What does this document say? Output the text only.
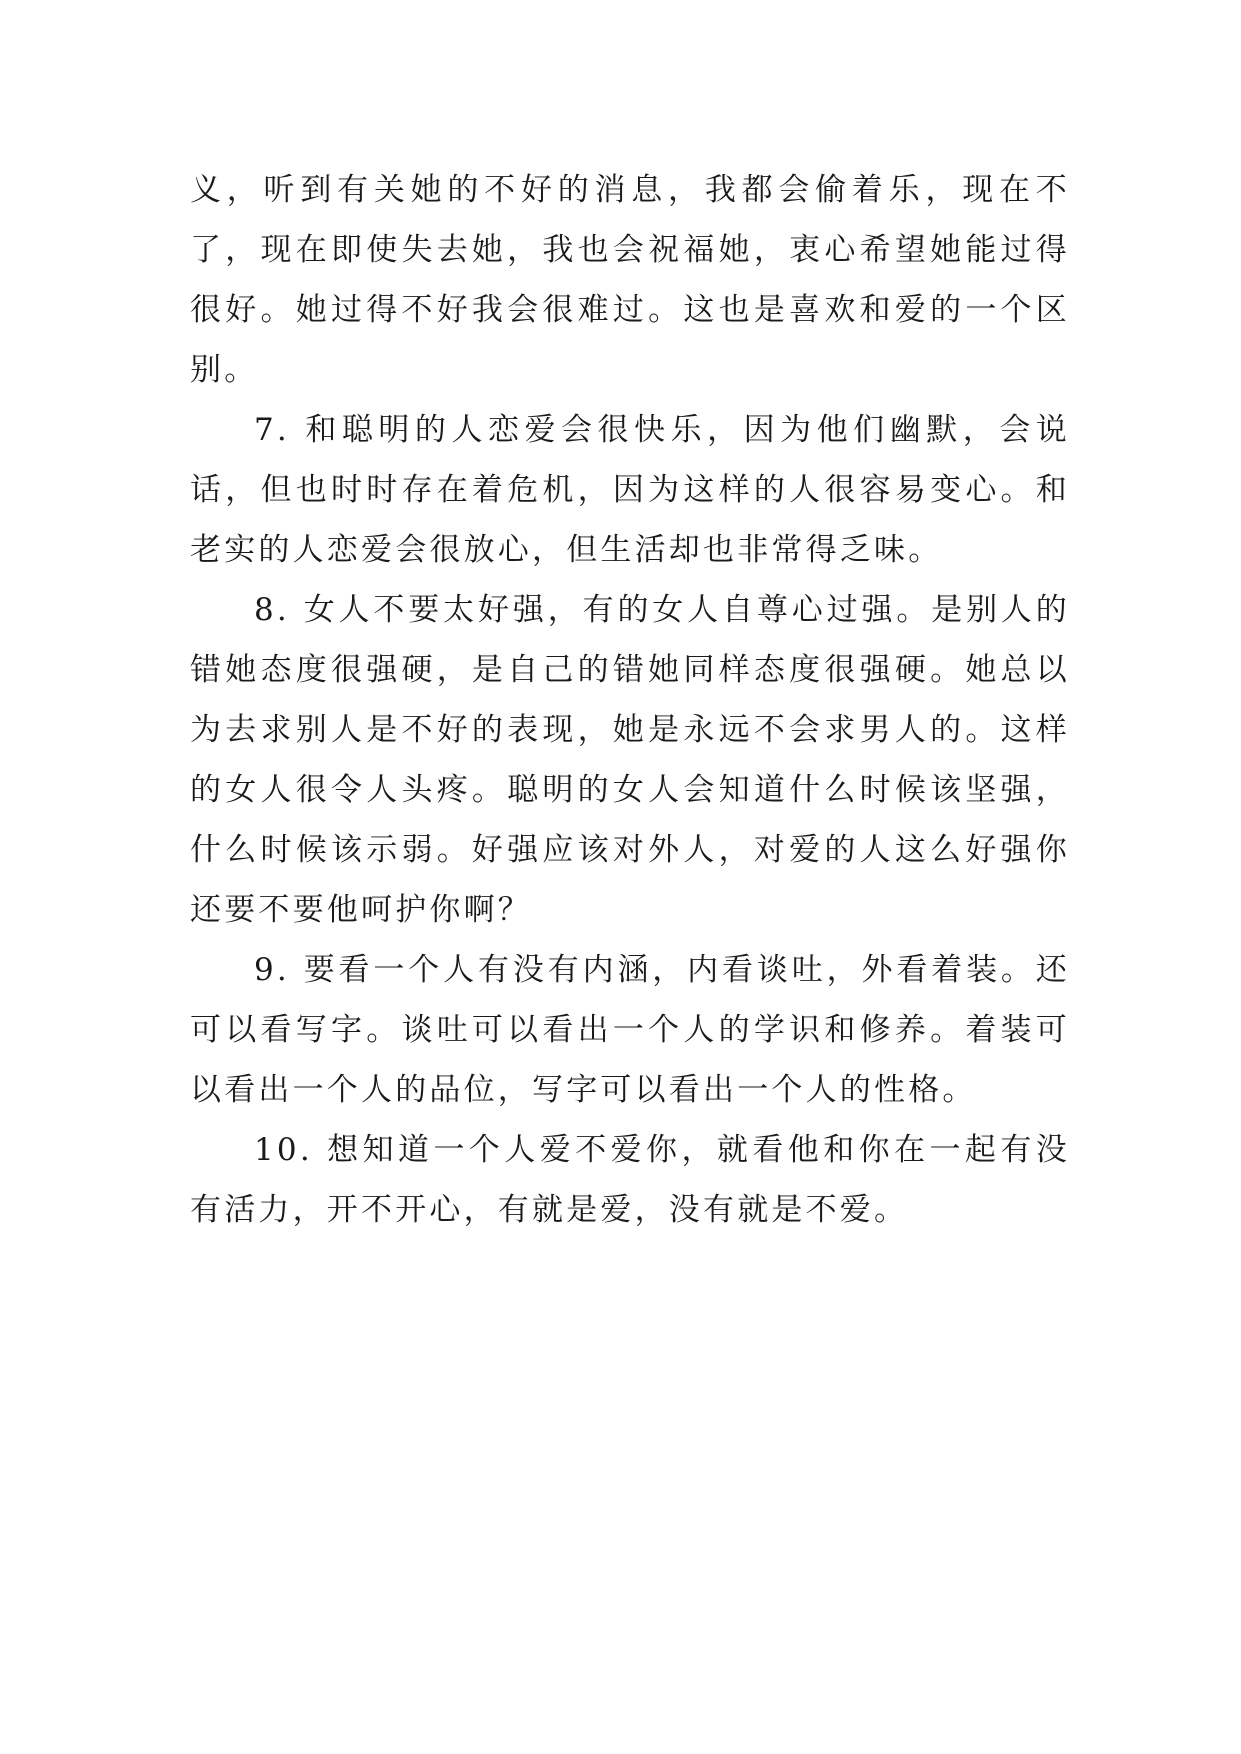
义，听到有关她的不好的消息，我都会偷着乐，现在不了，现在即使失去她，我也会祝福她，衷心希望她能过得很好。她过得不好我会很难过。这也是喜欢和爱的一个区别。

7. 和聪明的人恋爱会很快乐，因为他们幽默，会说话，但也时时存在着危机，因为这样的人很容易变心。和老实的人恋爱会很放心，但生活却也非常得乏味。

8. 女人不要太好强，有的女人自尊心过强。是别人的错她态度很强硬，是自己的错她同样态度很强硬。她总以为去求别人是不好的表现，她是永远不会求男人的。这样的女人很令人头疼。聪明的女人会知道什么时候该坚强，什么时候该示弱。好强应该对外人，对爱的人这么好强你还要不要他呵护你啊？

9. 要看一个人有没有内涵，内看谈吐，外看着装。还可以看写字。谈吐可以看出一个人的学识和修养。着装可以看出一个人的品位，写字可以看出一个人的性格。

10. 想知道一个人爱不爱你，就看他和你在一起有没有活力，开不开心，有就是爱，没有就是不爱。
